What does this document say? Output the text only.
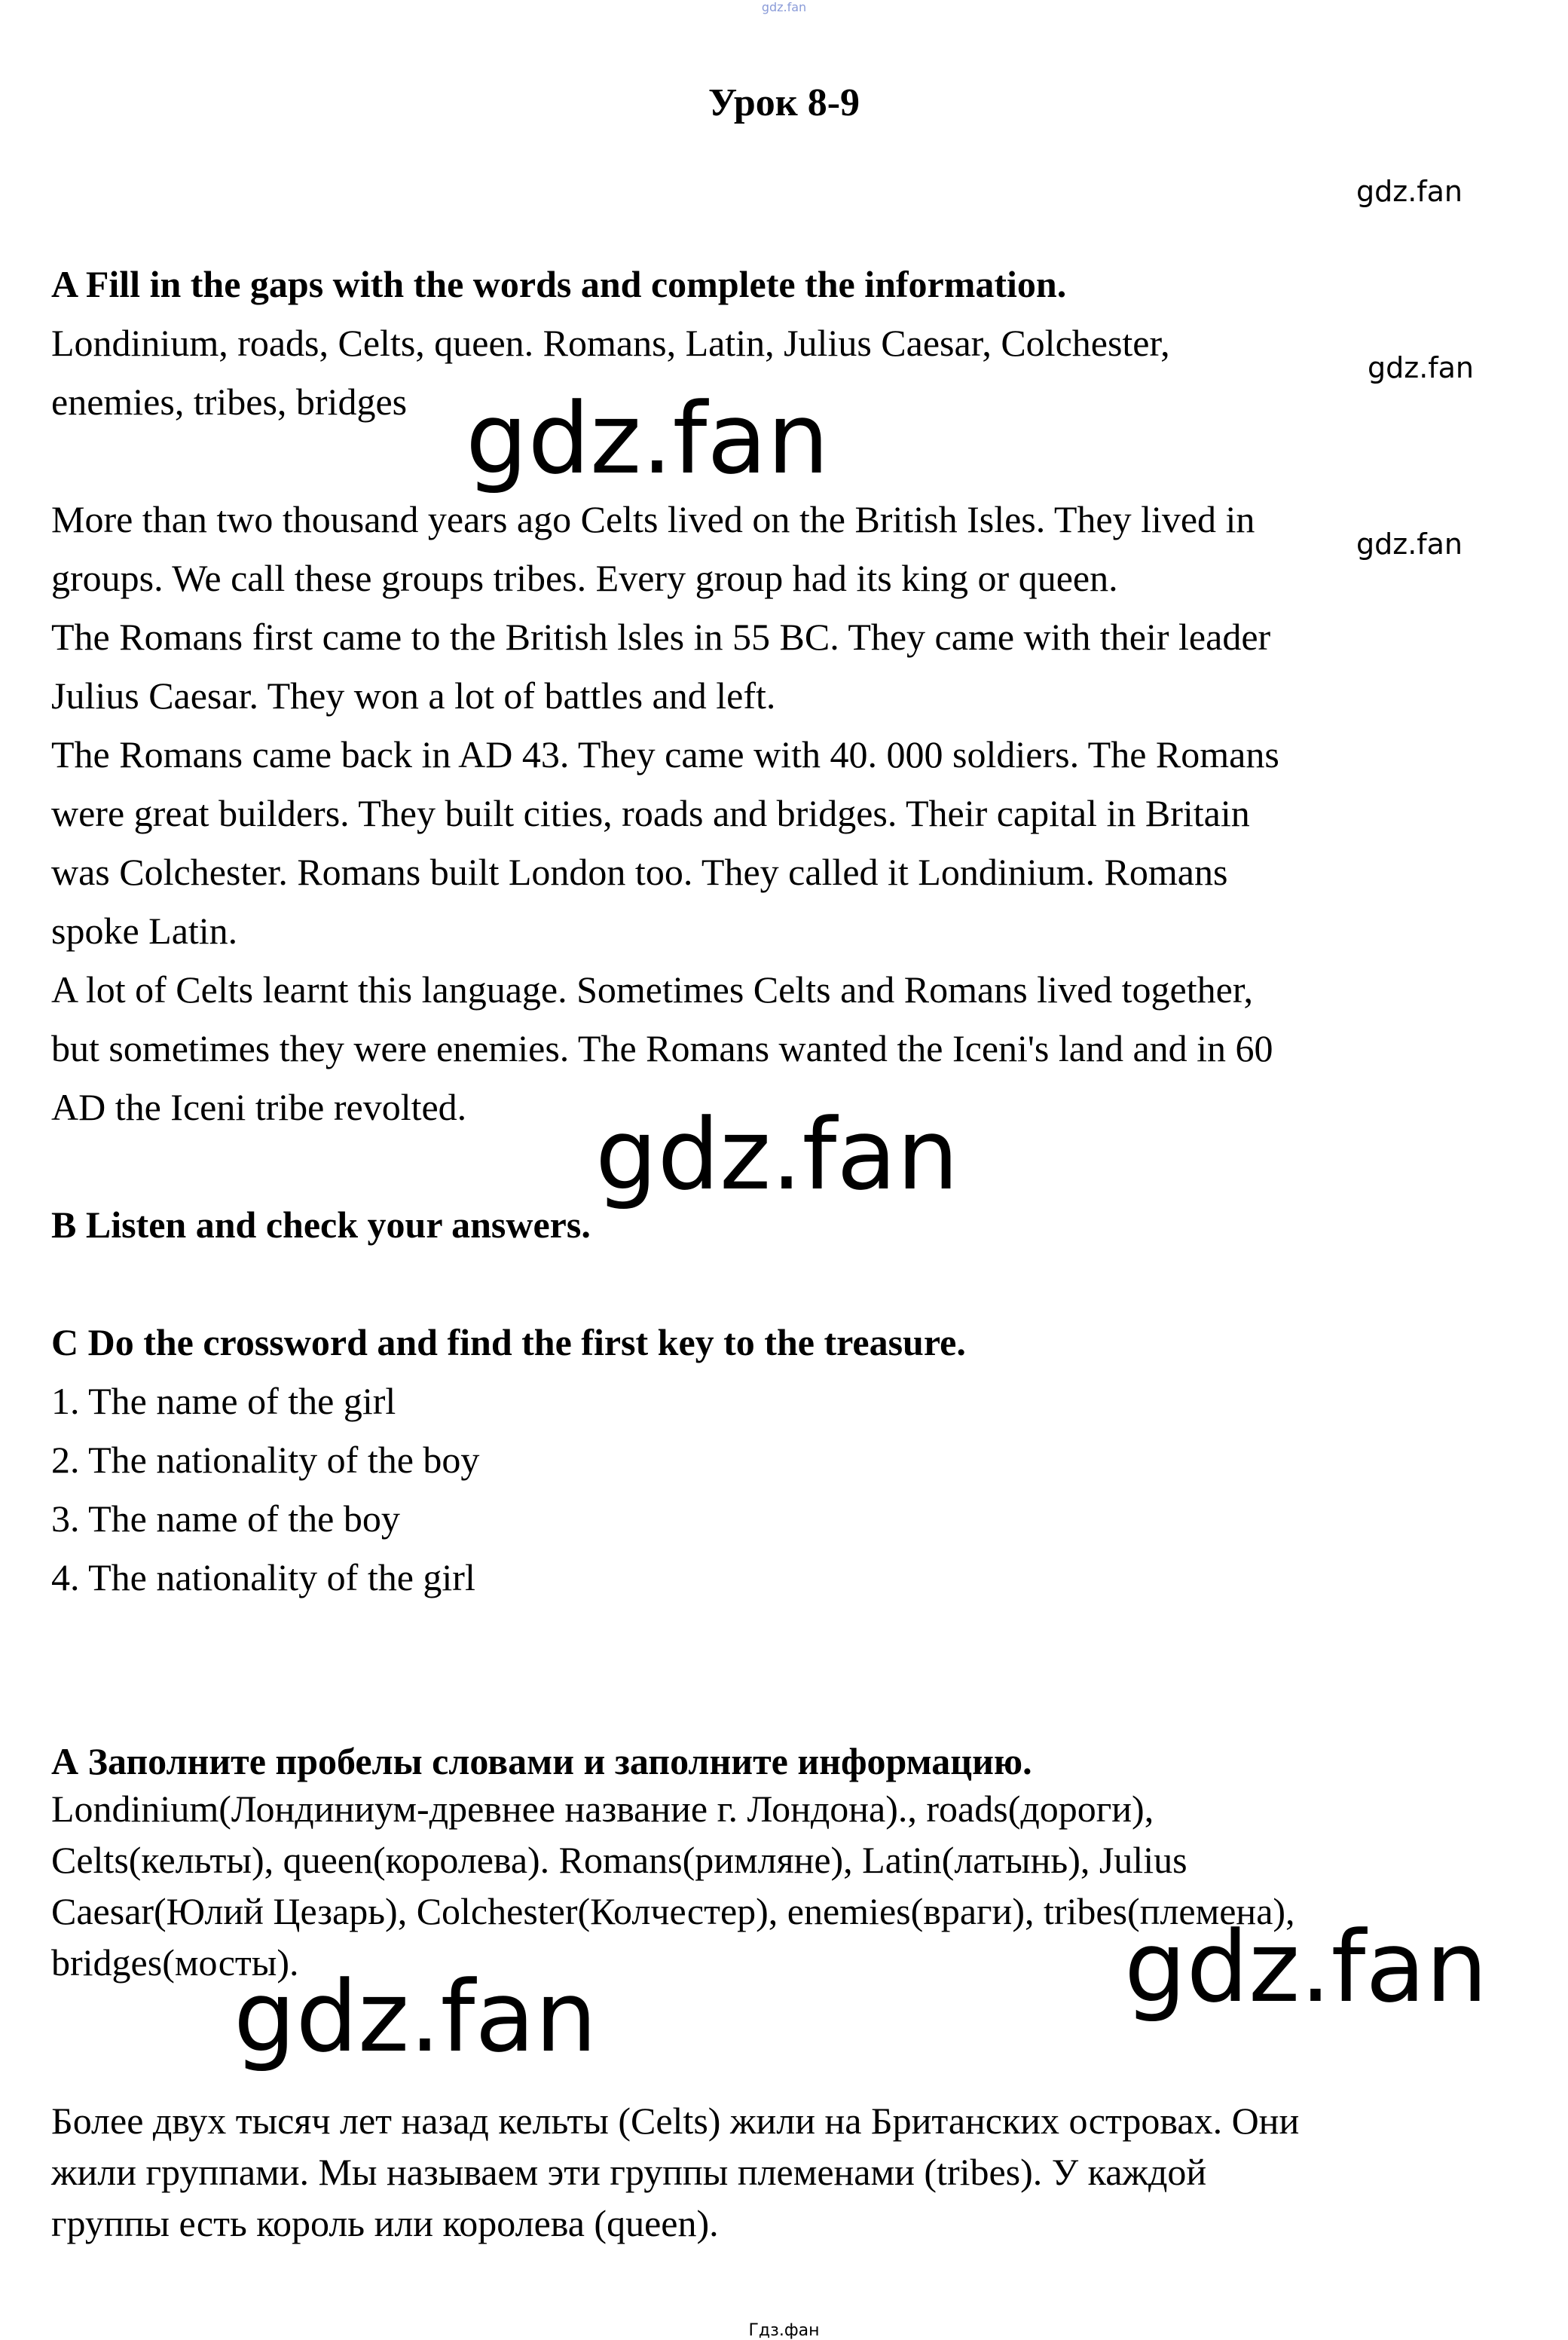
gdz.fan
Урок 8-9
gdz.fan
gdz.fan
gdz.fan
A Fill in the gaps with the words and complete the information.
Londinium, roads, Celts, queen. Romans, Latin, Julius Caesar, Colchester,
enemies, tribes, bridges
More than two thousand years ago Celts lived on the British Isles. They lived in
groups. We call these groups tribes. Every group had its king or queen.
The Romans first came to the British lsles in 55 BC. They came with their leader
Julius Caesar. They won a lot of battles and left.
The Romans came back in AD 43. They came with 40. 000 soldiers. The Romans
were great builders. They built cities, roads and bridges. Their capital in Britain
was Colchester. Romans built London too. They called it Londinium. Romans
spoke Latin.
A lot of Celts learnt this language. Sometimes Celts and Romans lived together,
but sometimes they were enemies. The Romans wanted the Iceni's land and in 60
AD the Iceni tribe revolted.
B Listen and check your answers.
C Do the crossword and find the first key to the treasure.
1. The name of the girl
2. The nationality of the boy
3. The name of the boy
4. The nationality of the girl
А Заполните пробелы словами и заполните информацию.
Londinium(Лондиниум-древнее название г. Лондона)., roads(дороги),
Celts(кельты), queen(королева). Romans(римляне), Latin(латынь), Julius
Caesar(Юлий Цезарь), Colchester(Колчестер), enemies(враги), tribes(племена),
bridges(мосты).
Более двух тысяч лет назад кельты (Celts) жили на Британских островах. Они
жили группами. Мы называем эти группы племенами (tribes). У каждой
группы есть король или королева (queen).
gdz.fan
gdz.fan
gdz.fan
gdz.fan
Гдз.фан
